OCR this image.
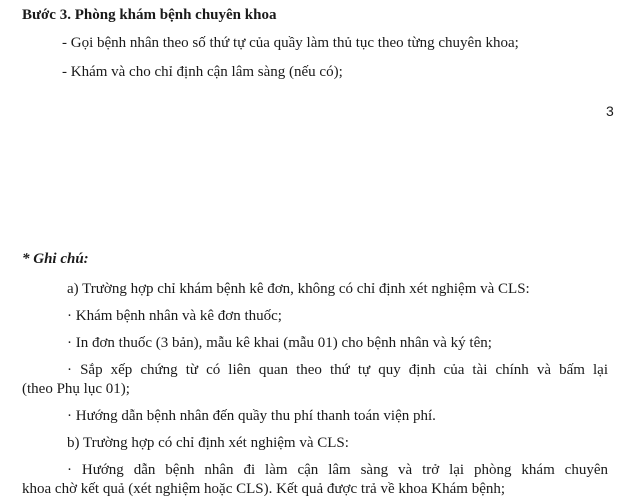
Bước 3. Phòng khám bệnh chuyên khoa
- Gọi bệnh nhân theo số thứ tự của quầy làm thủ tục theo từng chuyên khoa;
- Khám và cho chỉ định cận lâm sàng (nếu có);
3
* Ghi chú:
a) Trường hợp chỉ khám bệnh kê đơn, không có chỉ định xét nghiệm và CLS:
· Khám bệnh nhân và kê đơn thuốc;
· In đơn thuốc (3 bản), mẫu kê khai (mẫu 01) cho bệnh nhân và ký tên;
· Sắp xếp chứng từ có liên quan theo thứ tự quy định của tài chính và bấm lại
(theo Phụ lục 01);
· Hướng dẫn bệnh nhân đến quầy thu phí thanh toán viện phí.
b) Trường hợp có chỉ định xét nghiệm và CLS:
· Hướng dẫn bệnh nhân đi làm cận lâm sàng và trở lại phòng khám chuyên
khoa chờ kết quả (xét nghiệm hoặc CLS). Kết quả được trả về khoa Khám bệnh;
